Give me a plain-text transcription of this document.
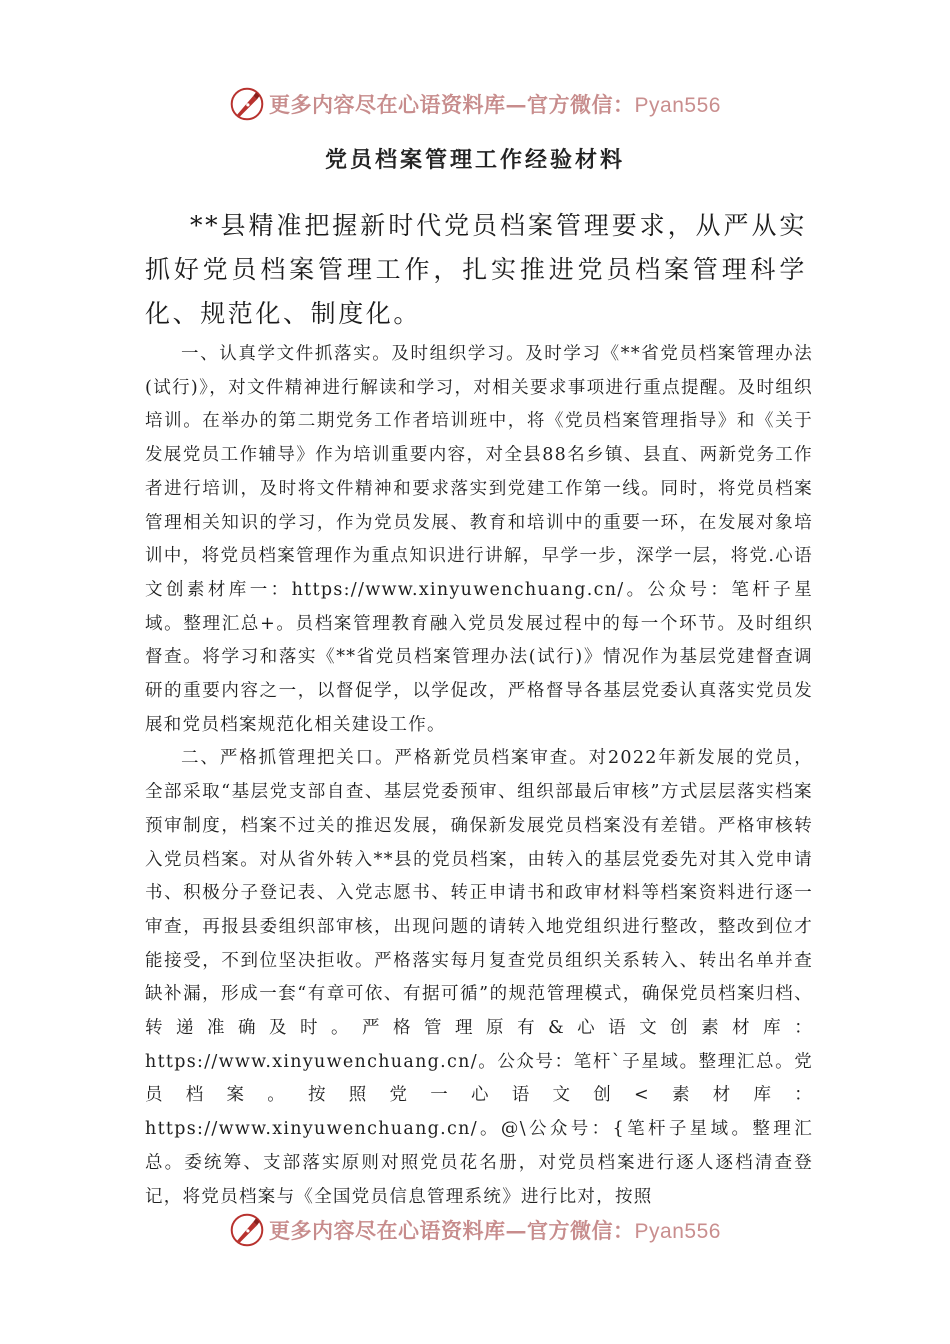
更多内容尽在心语资料库—官方微信：Pyan556
党员档案管理工作经验材料

**县精准把握新时代党员档案管理要求，从严从实抓好党员档案管理工作，扎实推进党员档案管理科学化、规范化、制度化。

一、认真学文件抓落实。及时组织学习。及时学习《**省党员档案管理办法(试行)》，对文件精神进行解读和学习，对相关要求事项进行重点提醒。及时组织培训。在举办的第二期党务工作者培训班中，将《党员档案管理指导》和《关于发展党员工作辅导》作为培训重要内容，对全县88名乡镇、县直、两新党务工作者进行培训，及时将文件精神和要求落实到党建工作第一线。同时，将党员档案管理相关知识的学习，作为党员发展、教育和培训中的重要一环，在发展对象培训中，将党员档案管理作为重点知识进行讲解，早学一步，深学一层，将党.心语文创素材库一：https://www.xinyuwenchuang.cn/。公众号：笔杆子星域。整理汇总+。员档案管理教育融入党员发展过程中的每一个环节。及时组织督查。将学习和落实《**省党员档案管理办法(试行)》情况作为基层党建督查调研的重要内容之一，以督促学，以学促改，严格督导各基层党委认真落实党员发展和党员档案规范化相关建设工作。

二、严格抓管理把关口。严格新党员档案审查。对2022年新发展的党员，全部采取“基层党支部自查、基层党委预审、组织部最后审核”方式层层落实档案预审制度，档案不过关的推迟发展，确保新发展党员档案没有差错。严格审核转入党员档案。对从省外转入**县的党员档案，由转入的基层党委先对其入党申请书、积极分子登记表、入党志愿书、转正申请书和政审材料等档案资料进行逐一审查，再报县委组织部审核，出现问题的请转入地党组织进行整改，整改到位才能接受，不到位坚决拒收。严格落实每月复查党员组织关系转入、转出名单并查缺补漏，形成一套“有章可依、有据可循”的规范管理模式，确保党员档案归档、转递准确及时。严格管理原有&心语文创素材库：https://www.xinyuwenchuang.cn/。公众号：笔杆`子星域。整理汇总。党员档案。按照党一心语文创<素材库：https://www.xinyuwenchuang.cn/。@\公众号：{笔杆子星域。整理汇总。委统筹、支部落实原则对照党员花名册，对党员档案进行逐人逐档清查登记，将党员档案与《全国党员信息管理系统》进行比对，按照

更多内容尽在心语资料库—官方微信：Pyan556
